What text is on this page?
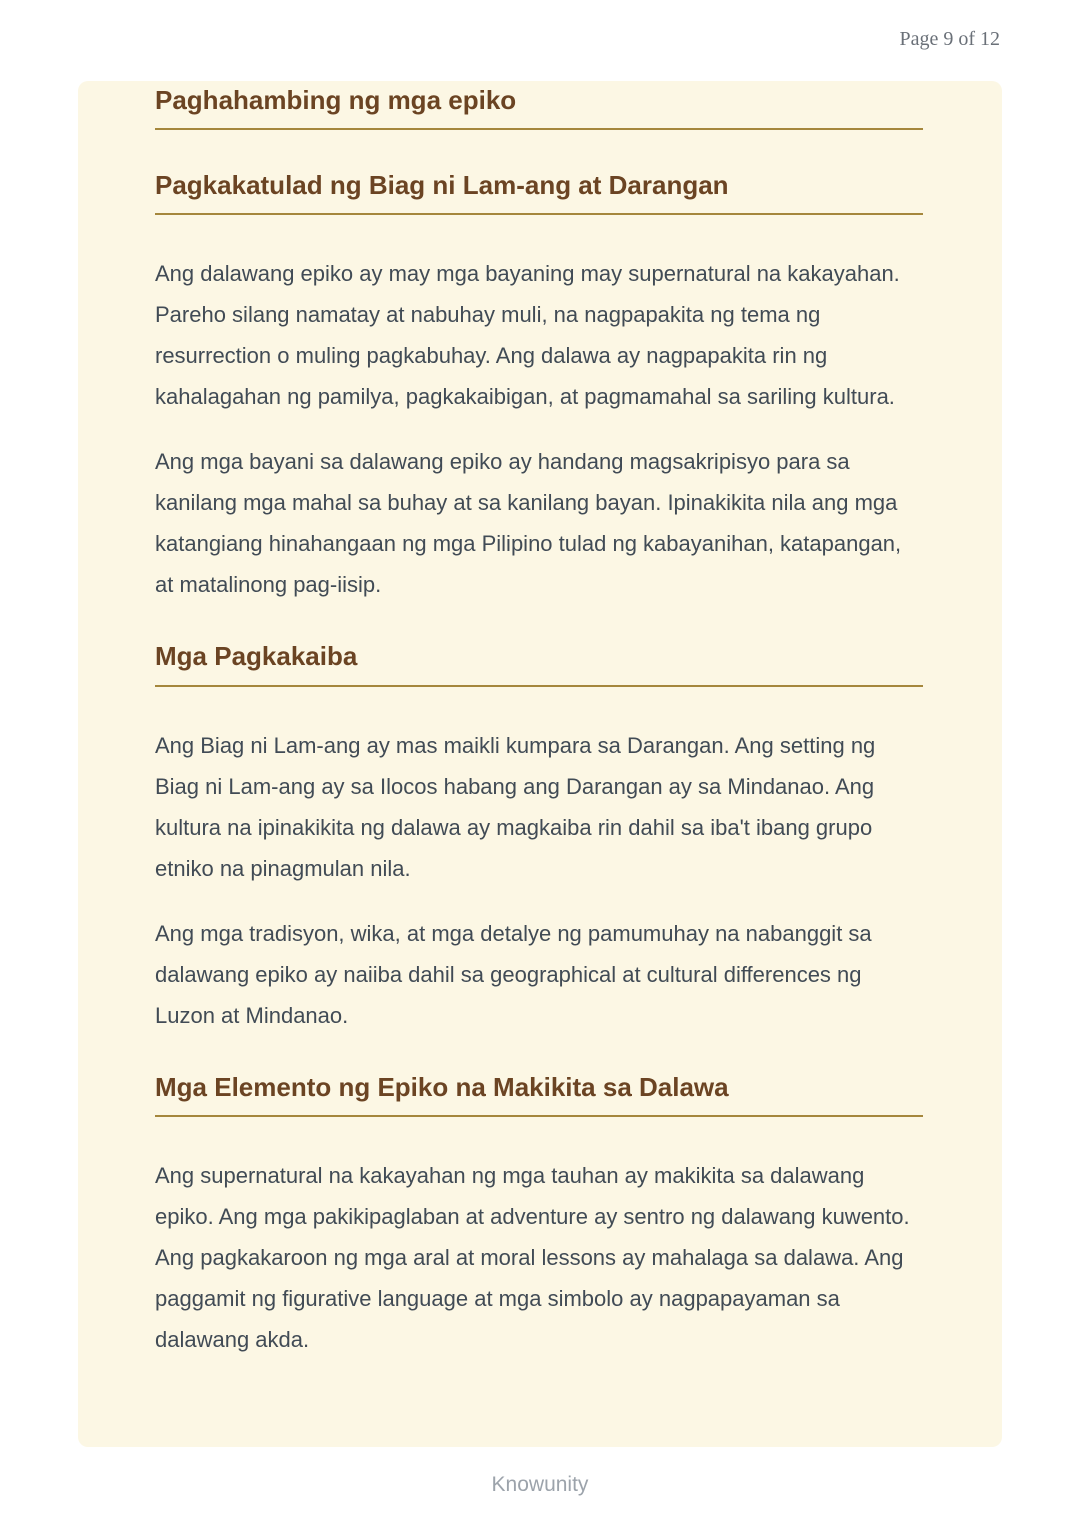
Page 9 of 12
Paghahambing ng mga epiko
Pagkakatulad ng Biag ni Lam-ang at Darangan

Ang dalawang epiko ay may mga bayaning may supernatural na kakayahan. Pareho silang namatay at nabuhay muli, na nagpapakita ng tema ng resurrection o muling pagkabuhay. Ang dalawa ay nagpapakita rin ng kahalagahan ng pamilya, pagkakaibigan, at pagmamahal sa sariling kultura.

Ang mga bayani sa dalawang epiko ay handang magsakripisyo para sa kanilang mga mahal sa buhay at sa kanilang bayan. Ipinakikita nila ang mga katangiang hinahangaan ng mga Pilipino tulad ng kabayanihan, katapangan, at matalinong pag-iisip.

Mga Pagkakaiba

Ang Biag ni Lam-ang ay mas maikli kumpara sa Darangan. Ang setting ng Biag ni Lam-ang ay sa Ilocos habang ang Darangan ay sa Mindanao. Ang kultura na ipinakikita ng dalawa ay magkaiba rin dahil sa iba't ibang grupo etniko na pinagmulan nila.

Ang mga tradisyon, wika, at mga detalye ng pamumuhay na nabanggit sa dalawang epiko ay naiiba dahil sa geographical at cultural differences ng Luzon at Mindanao.

Mga Elemento ng Epiko na Makikita sa Dalawa

Ang supernatural na kakayahan ng mga tauhan ay makikita sa dalawang epiko. Ang mga pakikipaglaban at adventure ay sentro ng dalawang kuwento. Ang pagkakaroon ng mga aral at moral lessons ay mahalaga sa dalawa. Ang paggamit ng figurative language at mga simbolo ay nagpapayaman sa dalawang akda.

Knowunity
